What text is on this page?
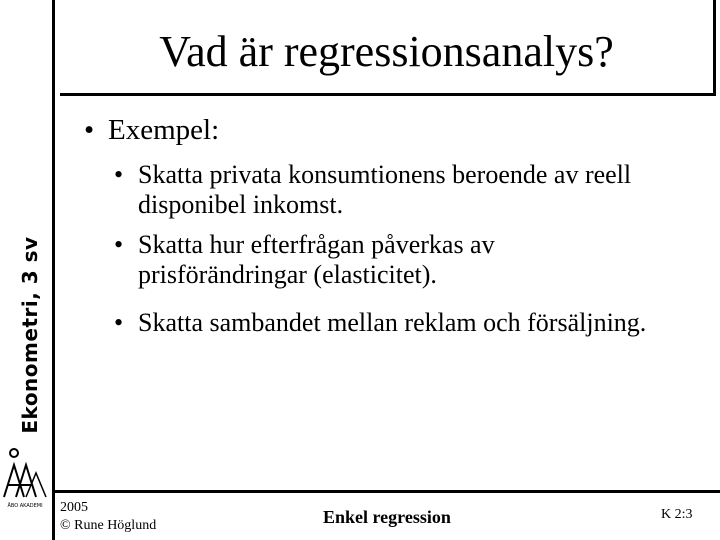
Ekonometri, 3 sv
ÅBO AKADEMI
Vad är regressionsanalys?
• Exempel:
• Skatta privata konsumtionens beroende av reell
disponibel inkomst.
• Skatta hur efterfrågan påverkas av
prisförändringar (elasticitet).
• Skatta sambandet mellan reklam och försäljning.
2005
© Rune Höglund	Enkel regression	K 2:3
